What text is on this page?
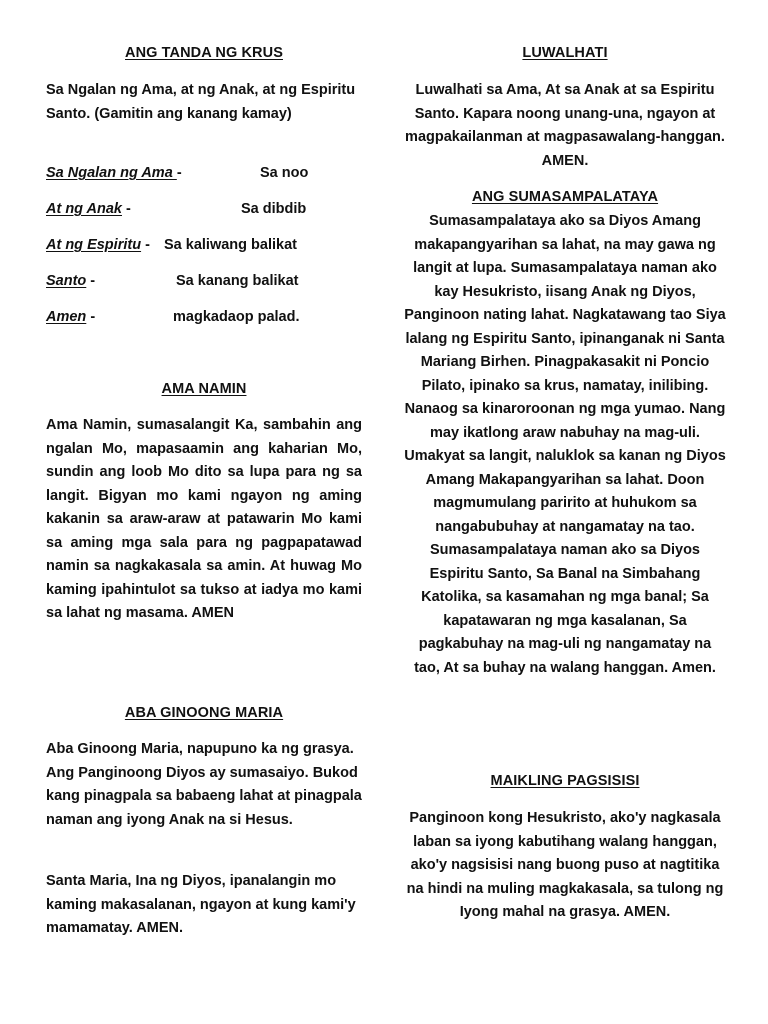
ANG TANDA NG KRUS

Sa Ngalan ng Ama, at ng Anak, at ng Espiritu Santo. (Gamitin ang kanang kamay)

Sa Ngalan ng Ama -	Sa noo
At ng Anak -	Sa dibdib
At ng Espiritu - Sa kaliwang balikat
Santo -	Sa kanang balikat
Amen -	magkadaop palad.
AMA NAMIN

Ama Namin, sumasalangit Ka, sambahin ang ngalan Mo, mapasaamin ang kaharian Mo, sundin ang loob Mo dito sa lupa para ng sa langit. Bigyan mo kami ngayon ng aming kakanin sa araw-araw at patawarin Mo kami sa aming mga sala para ng pagpapatawad namin sa nagkakasala sa amin. At huwag Mo kaming ipahintulot sa tukso at iadya mo kami sa lahat ng masama. AMEN

ABA GINOONG MARIA

Aba Ginoong Maria, napupuno ka ng grasya. Ang Panginoong Diyos ay sumasaiyo. Bukod kang pinagpala sa babaeng lahat at pinagpala naman ang iyong Anak na si Hesus.

Santa Maria, Ina ng Diyos, ipanalangin mo kaming makasalanan, ngayon at kung kami'y mamamatay. AMEN.

LUWALHATI

Luwalhati sa Ama, At sa Anak at sa Espiritu Santo. Kapara noong unang-una, ngayon at magpakailanman at magpasawalang-hanggan. AMEN.

ANG SUMASAMPALATAYA

Sumasampalataya ako sa Diyos Amang makapangyarihan sa lahat, na may gawa ng langit at lupa. Sumasampalataya naman ako kay Hesukristo, iisang Anak ng Diyos, Panginoon nating lahat. Nagkatawang tao Siya lalang ng Espiritu Santo, ipinanganak ni Santa Mariang Birhen. Pinagpakasakit ni Poncio Pilato, ipinako sa krus, namatay, inilibing. Nanaog sa kinaroroonan ng mga yumao. Nang may ikatlong araw nabuhay na mag-uli. Umakyat sa langit, naluklok sa kanan ng Diyos Amang Makapangyarihan sa lahat. Doon magmumulang paririto at huhukom sa nangabubuhay at nangamatay na tao. Sumasampalataya naman ako sa Diyos Espiritu Santo, Sa Banal na Simbahang Katolika, sa kasamahan ng mga banal; Sa kapatawaran ng mga kasalanan, Sa pagkabuhay na mag-uli ng nangamatay na tao, At sa buhay na walang hanggan. Amen.

MAIKLING PAGSISISI

Panginoon kong Hesukristo, ako'y nagkasala laban sa iyong kabutihang walang hanggan, ako'y nagsisisi nang buong puso at nagtitika na hindi na muling magkakasala, sa tulong ng Iyong mahal na grasya. AMEN.
